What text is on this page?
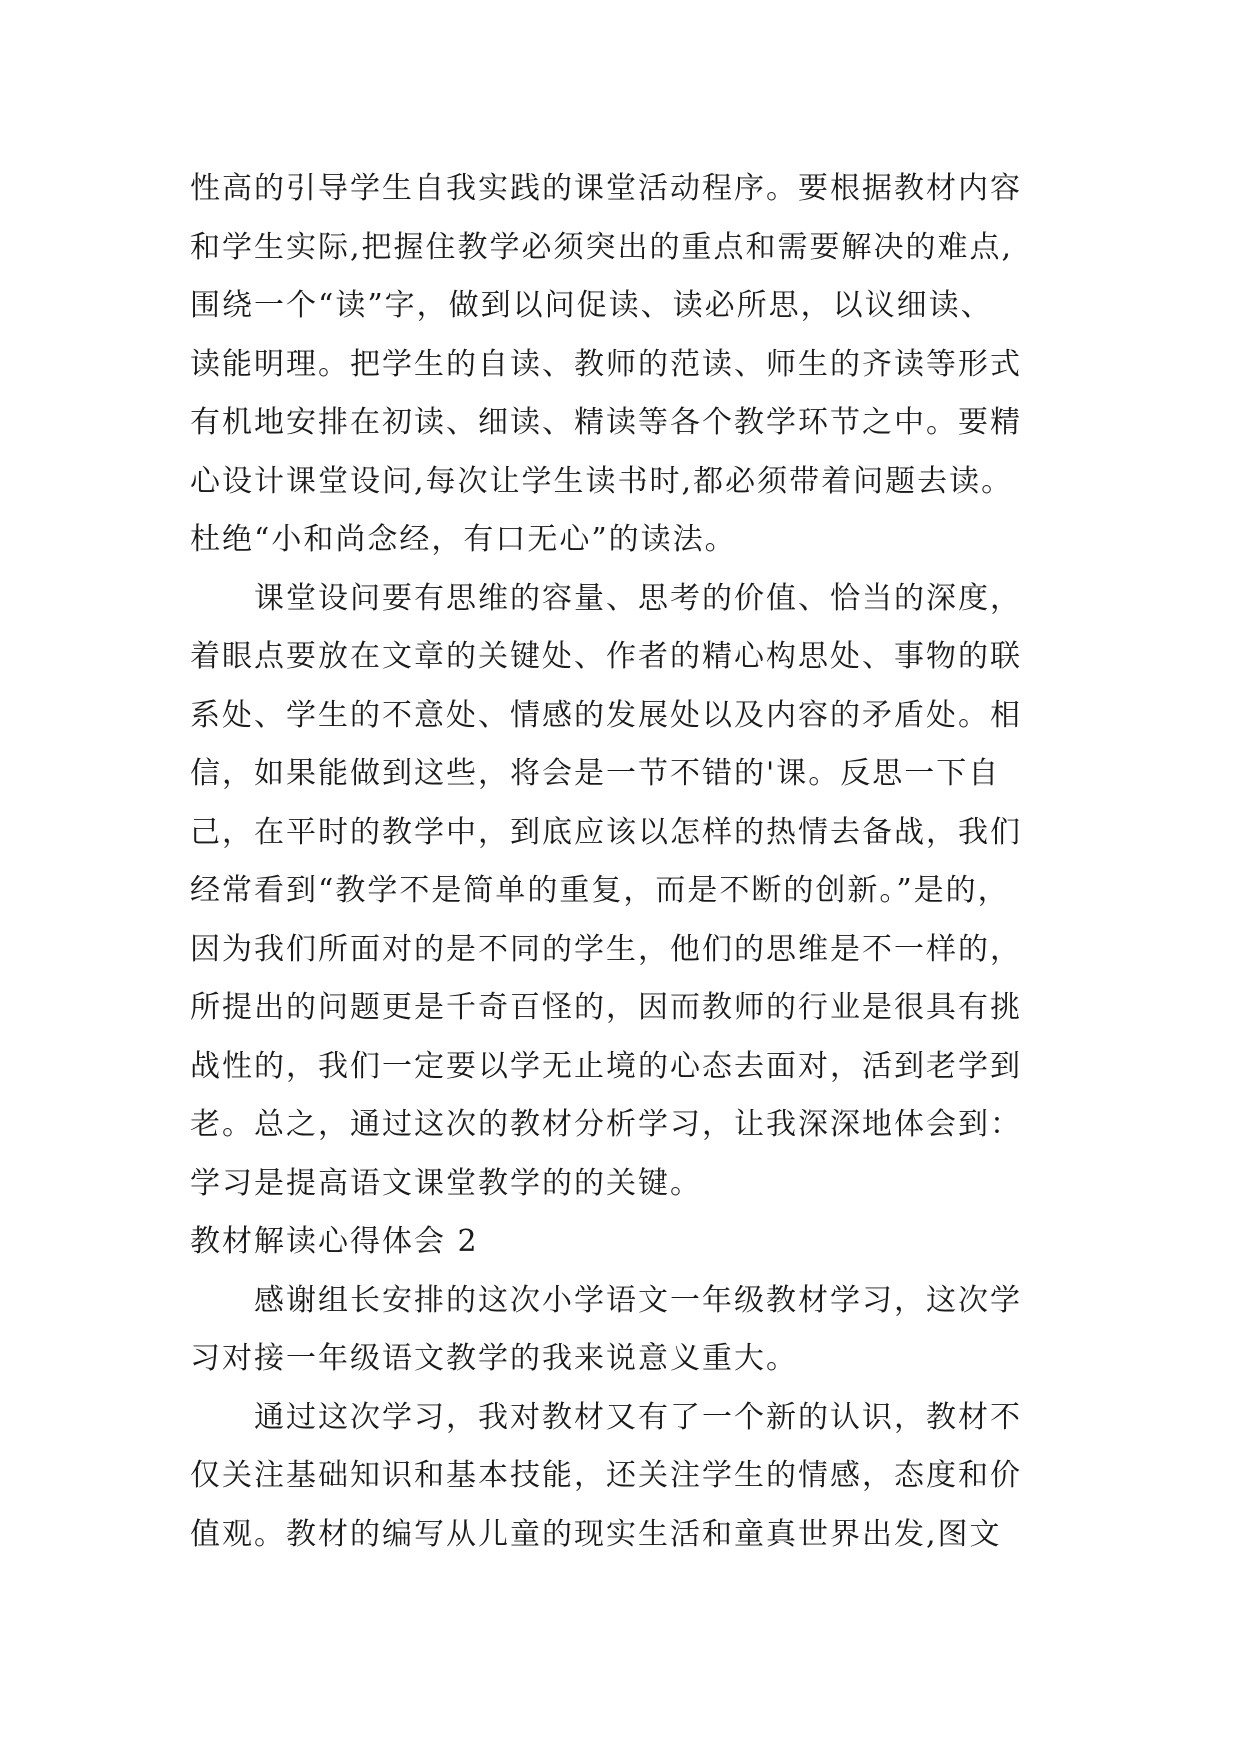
性高的引导学生自我实践的课堂活动程序。要根据教材内容
和学生实际,把握住教学必须突出的重点和需要解决的难点,
围绕一个“读”字，做到以问促读、读必所思，以议细读、
读能明理。把学生的自读、教师的范读、师生的齐读等形式
有机地安排在初读、细读、精读等各个教学环节之中。要精
心设计课堂设问,每次让学生读书时,都必须带着问题去读。
杜绝“小和尚念经，有口无心”的读法。
　　课堂设问要有思维的容量、思考的价值、恰当的深度，
着眼点要放在文章的关键处、作者的精心构思处、事物的联
系处、学生的不意处、情感的发展处以及内容的矛盾处。相
信，如果能做到这些，将会是一节不错的'课。反思一下自
己，在平时的教学中，到底应该以怎样的热情去备战，我们
经常看到“教学不是简单的重复，而是不断的创新。”是的，
因为我们所面对的是不同的学生，他们的思维是不一样的，
所提出的问题更是千奇百怪的，因而教师的行业是很具有挑
战性的，我们一定要以学无止境的心态去面对，活到老学到
老。总之，通过这次的教材分析学习，让我深深地体会到：
学习是提高语文课堂教学的的关键。
教材解读心得体会 2
　　感谢组长安排的这次小学语文一年级教材学习，这次学
习对接一年级语文教学的我来说意义重大。
　　通过这次学习，我对教材又有了一个新的认识，教材不
仅关注基础知识和基本技能，还关注学生的情感，态度和价
值观。教材的编写从儿童的现实生活和童真世界出发,图文
